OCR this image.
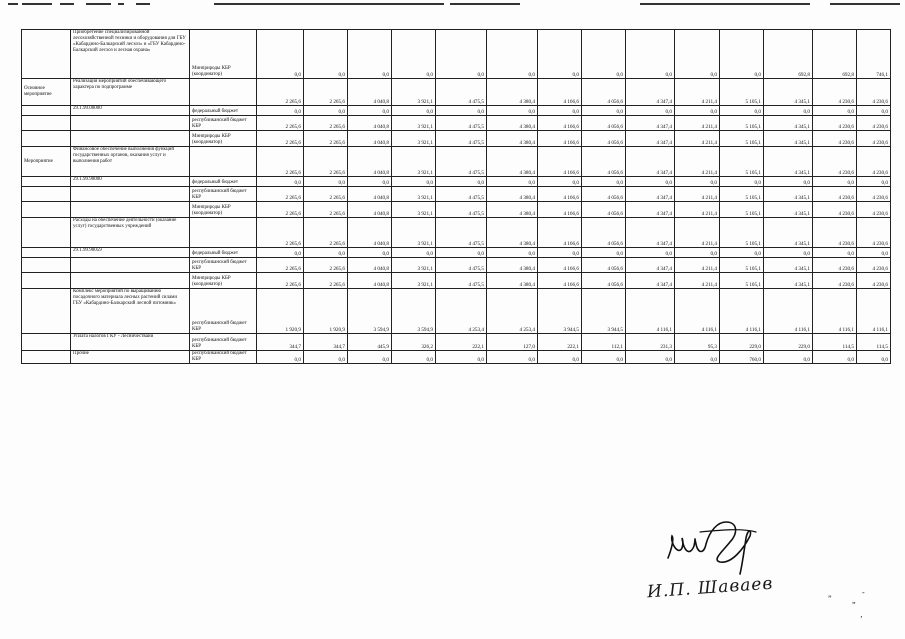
	Приобретение специализированной лесохозяйственной техники и оборудования для ГБУ «Кабардино-Балкарский лесхоз» и «ГБУ Кабардино-Балкарский лесхоз и лесная охрана»	Минприроды КБР (координатор)	0,0	0,0	0,0	0,0	0,0	0,0	0,0	0,0	0,0	0,0	0,0	692,8	692,8	746,1
Основное мероприятие	Реализация мероприятий обеспечивающего характера по подпрограмме		2 265,6	2 265,6	4 040,8	3 921,1	4 475,5	4 380,4	4 166,6	4 056,6	4 347,4	4 211,4	5 105,1	4 345,1	4 230,6	4 230,6
	29.1.99.00000	федеральный бюджет	0,0	0,0	0,0	0,0	0,0	0,0	0,0	0,0	0,0	0,0	0,0	0,0	0,0	0,0
		республиканский бюджет КБР	2 265,6	2 265,6	4 040,8	3 921,1	4 475,5	4 380,4	4 166,6	4 056,6	4 347,4	4 211,4	5 105,1	4 345,1	4 230,6	4 230,6
		Минприроды КБР (координатор)	2 265,6	2 265,6	4 040,8	3 921,1	4 475,5	4 380,4	4 166,6	4 056,6	4 347,4	4 211,4	5 105,1	4 345,1	4 230,6	4 230,6
Мероприятие	Финансовое обеспечение выполнения функций государственных органов, оказания услуг и выполнения работ		2 265,6	2 265,6	4 040,8	3 921,1	4 475,5	4 380,4	4 166,6	4 056,6	4 347,4	4 211,4	5 105,1	4 345,1	4 230,6	4 230,6
	29.1.99.90000	федеральный бюджет	0,0	0,0	0,0	0,0	0,0	0,0	0,0	0,0	0,0	0,0	0,0	0,0	0,0	0,0
		республиканский бюджет КБР	2 265,6	2 265,6	4 040,8	3 921,1	4 475,5	4 380,4	4 166,6	4 056,6	4 347,4	4 211,4	5 105,1	4 345,1	4 230,6	4 230,6
		Минприроды КБР (координатор)	2 265,6	2 265,6	4 040,8	3 921,1	4 475,5	4 380,4	4 166,6	4 056,6	4 347,4	4 211,4	5 105,1	4 345,1	4 230,6	4 230,6
	Расходы на обеспечение деятельности (оказание услуг) государственных учреждений		2 265,6	2 265,6	4 040,8	3 921,1	4 475,5	4 380,4	4 166,6	4 056,6	4 347,4	4 211,4	5 105,1	4 345,1	4 230,6	4 230,6
	29.1.99.90059	федеральный бюджет	0,0	0,0	0,0	0,0	0,0	0,0	0,0	0,0	0,0	0,0	0,0	0,0	0,0	0,0
		республиканский бюджет КБР	2 265,6	2 265,6	4 040,8	3 921,1	4 475,5	4 380,4	4 166,6	4 056,6	4 347,4	4 211,4	5 105,1	4 345,1	4 230,6	4 230,6
		Минприроды КБР (координатор)	2 265,6	2 265,6	4 040,8	3 921,1	4 475,5	4 380,4	4 166,6	4 056,6	4 347,4	4 211,4	5 105,1	4 345,1	4 230,6	4 230,6
	Комплекс мероприятий по выращиванию посадочного материала лесных растений силами ГБУ «Кабардино-Балкарский лесной питомник»	республиканский бюджет КБР	1 920,9	1 920,9	3 594,9	3 594,9	4 253,4	4 253,4	3 944,5	3 944,5	4 116,1	4 116,1	4 116,1	4 116,1	4 116,1	4 116,1
	Уплата налогов ГКУ - Лесничестваии	республиканский бюджет КБР	344,7	344,7	445,9	326,2	222,1	127,0	222,1	112,1	231,3	95,3	229,0	229,0	114,5	114,5
	Прочие	республиканский бюджет КБР	0,0	0,0	0,0	0,0	0,0	0,0	0,0	0,0	0,0	0,0	760,0	0,0	0,0	0,0
И.П. Шаваев	”	„
-
‚
